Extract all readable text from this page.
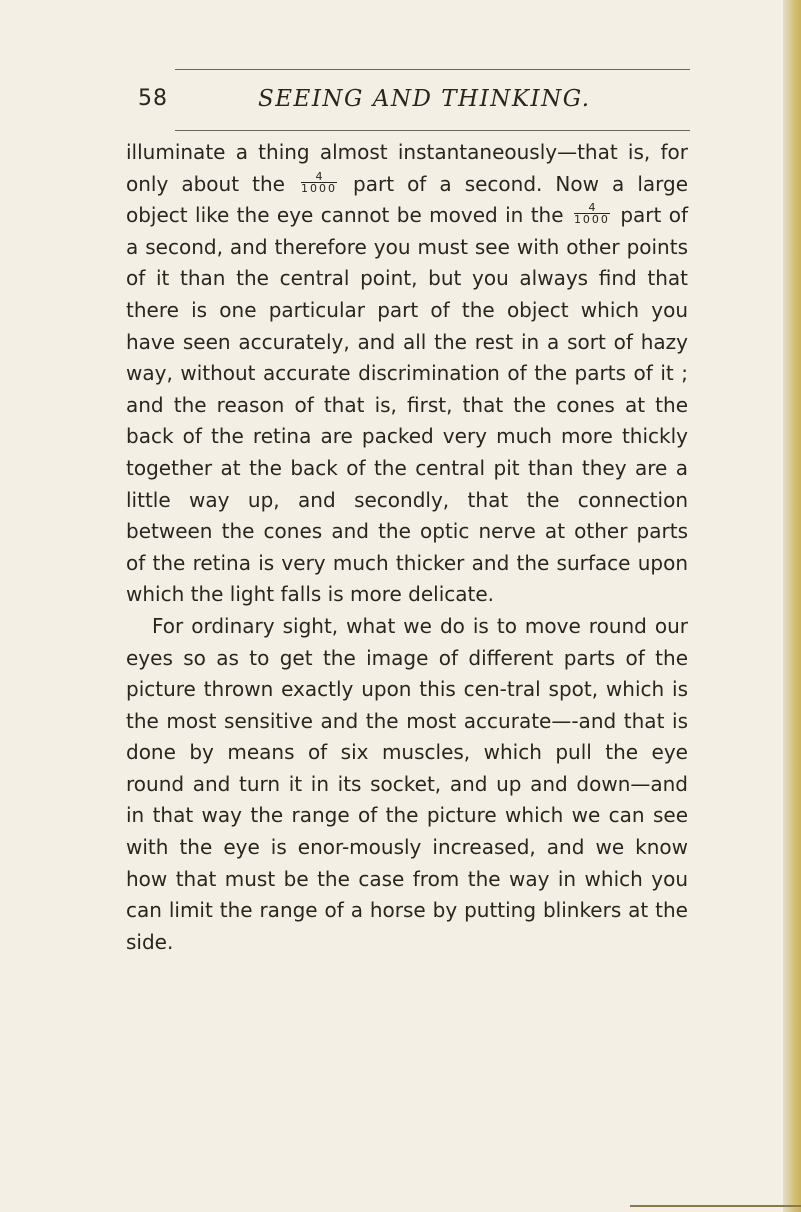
58	SEEING AND THINKING.

illuminate a thing almost instantaneously—that is, for only about the $\frac{4}{1000}$ part of a second. Now a large object like the eye cannot be moved in the $\frac{4}{1000}$ part of a second, and therefore you must see with other points of it than the central point, but you always find that there is one particular part of the object which you have seen accurately, and all the rest in a sort of hazy way, without accurate discrimination of the parts of it ; and the reason of that is, first, that the cones at the back of the retina are packed very much more thickly together at the back of the central pit than they are a little way up, and secondly, that the connection between the cones and the optic nerve at other parts of the retina is very much thicker and the surface upon which the light falls is more delicate.

For ordinary sight, what we do is to move round our eyes so as to get the image of different parts of the picture thrown exactly upon this cen-tral spot, which is the most sensitive and the most accurate—-and that is done by means of six muscles, which pull the eye round and turn it in its socket, and up and down—and in that way the range of the picture which we can see with the eye is enor-mously increased, and we know how that must be the case from the way in which you can limit the range of a horse by putting blinkers at the side.
